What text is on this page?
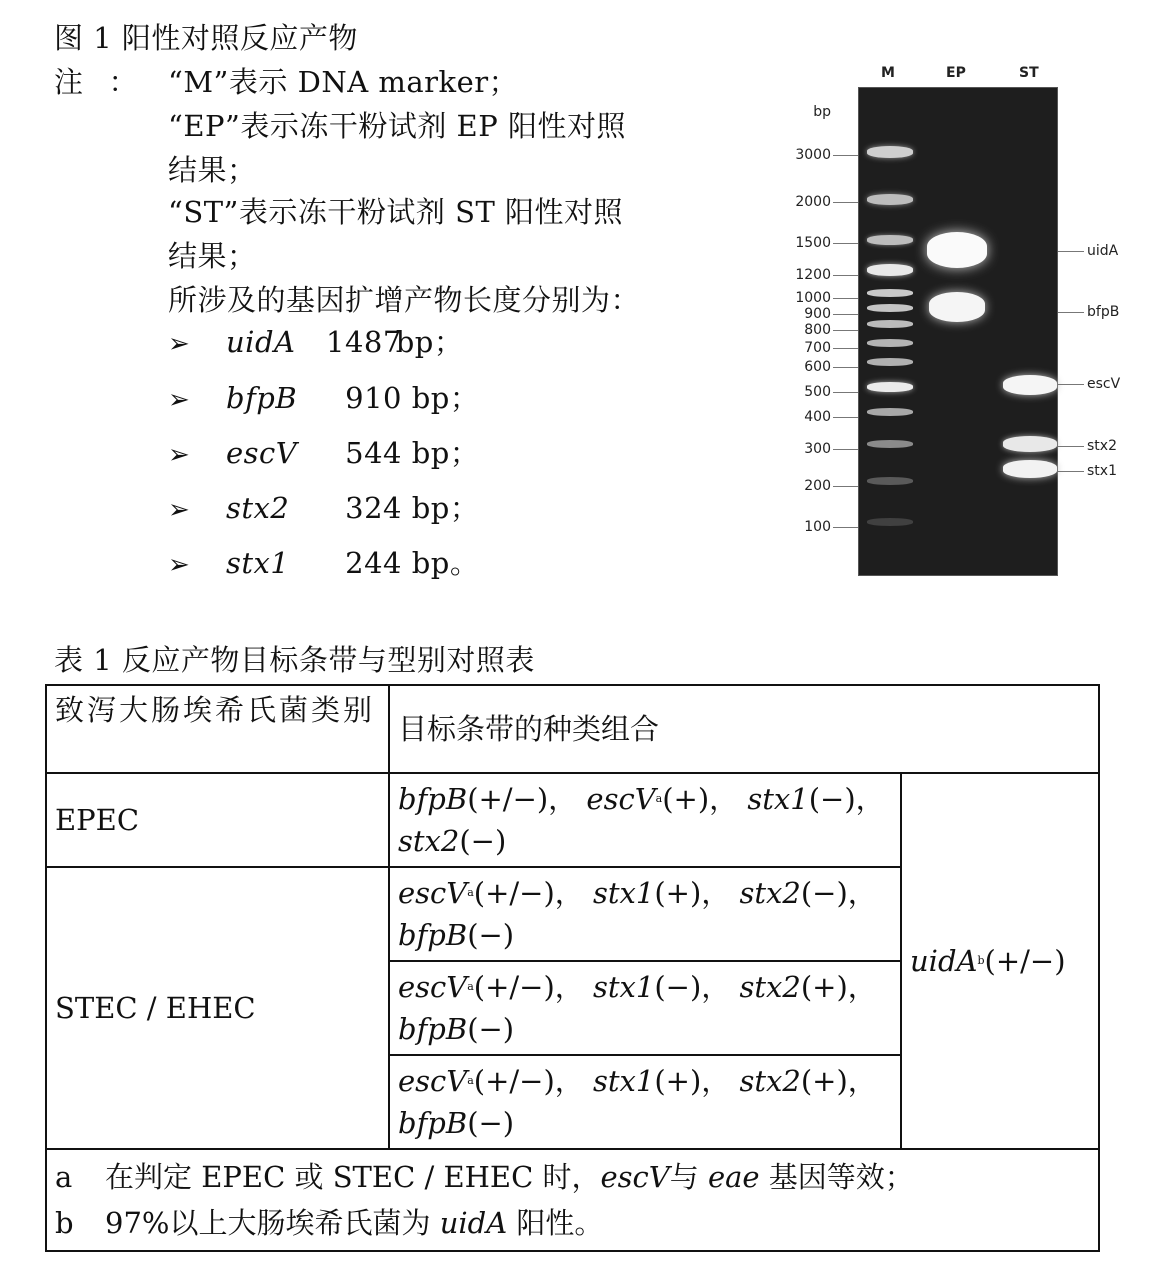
图 1 阳性对照反应产物
注 ：	“M”表示 DNA marker；
“EP”表示冻干粉试剂 EP 阳性对照
结果；
“ST”表示冻干粉试剂 ST 阳性对照
结果；
所涉及的基因扩增产物长度分别为：
➢ uidA 1487 bp；
➢ bfpB 910 bp；
➢ escV 544 bp；
➢ stx2 324 bp；
➢ stx1 244 bp。
M	EP	ST
bp
3000
2000
1500
1200
1000
900
800
700
600
500
400
300
200
100
uidA
bfpB
escV
stx2
stx1
表 1 反应产物目标条带与型别对照表
致泻大肠埃希氏菌类别	目标条带的种类组合	
EPEC	bfpB(+/−)， escV$^a$(+)， stx1(−)，
stx2(−)	uidA$^b$(+/−)
STEC / EHEC	escV$^a$(+/−)， stx1(+)， stx2(−)，
bfpB(−)	
	escV$^a$(+/−)， stx1(−)， stx2(+)，
bfpB(−)	
	escV$^a$(+/−)， stx1(+)， stx2(+)，
bfpB(−)	

a 在判定 EPEC 或 STEC / EHEC 时，escV与 eae 基因等效；
b 97%以上大肠埃希氏菌为 uidA 阳性。		
